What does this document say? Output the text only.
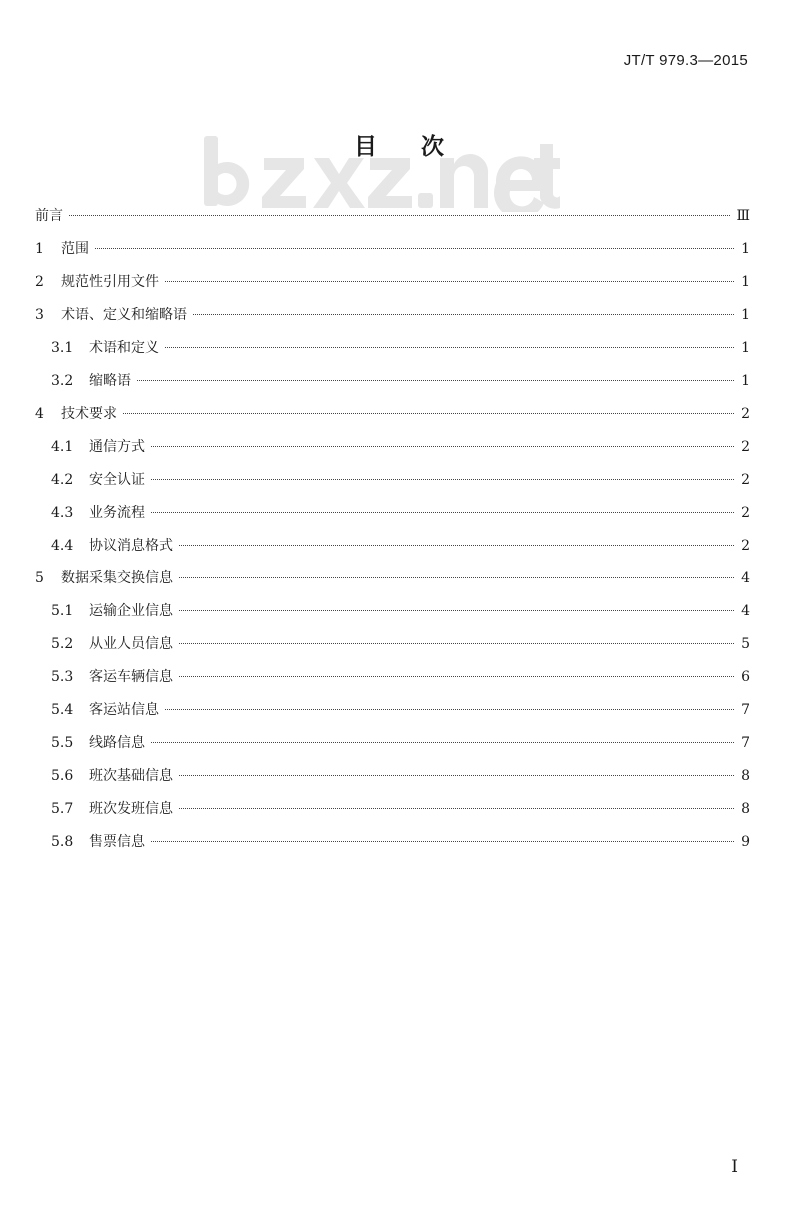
JT/T 979.3—2015
目 次
前言	Ⅲ
1	范围	1
2	规范性引用文件	1
3	术语、定义和缩略语	1
3.1	术语和定义	1
3.2	缩略语	1
4	技术要求	2
4.1	通信方式	2
4.2	安全认证	2
4.3	业务流程	2
4.4	协议消息格式	2
5	数据采集交换信息	4
5.1	运输企业信息	4
5.2	从业人员信息	5
5.3	客运车辆信息	6
5.4	客运站信息	7
5.5	线路信息	7
5.6	班次基础信息	8
5.7	班次发班信息	8
5.8	售票信息	9
I
